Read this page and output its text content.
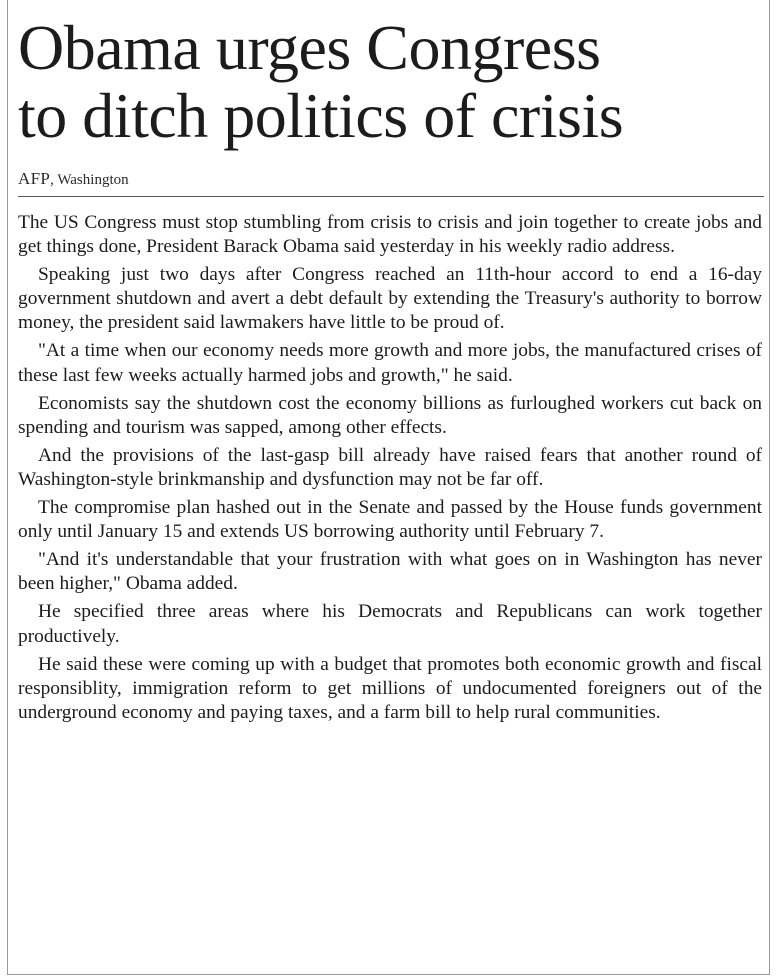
Obama urges Congress
to ditch politics of crisis
AFP, Washington

The US Congress must stop stumbling from crisis to crisis and join together to create jobs and get things done, President Barack Obama said yesterday in his weekly radio address.

Speaking just two days after Congress reached an 11th-hour accord to end a 16-day government shutdown and avert a debt default by extending the Treasury's authority to borrow money, the president said lawmakers have little to be proud of.

"At a time when our economy needs more growth and more jobs, the manufactured crises of these last few weeks actually harmed jobs and growth," he said.

Economists say the shutdown cost the economy billions as furloughed workers cut back on spending and tourism was sapped, among other effects.

And the provisions of the last-gasp bill already have raised fears that another round of Washington-style brinkmanship and dysfunction may not be far off.

The compromise plan hashed out in the Senate and passed by the House funds government only until January 15 and extends US borrowing authority until February 7.

"And it's understandable that your frustration with what goes on in Washington has never been higher," Obama added.

He specified three areas where his Democrats and Republicans can work together productively.

He said these were coming up with a budget that promotes both economic growth and fiscal responsiblity, immigration reform to get millions of undocumented foreigners out of the underground economy and paying taxes, and a farm bill to help rural communities.
